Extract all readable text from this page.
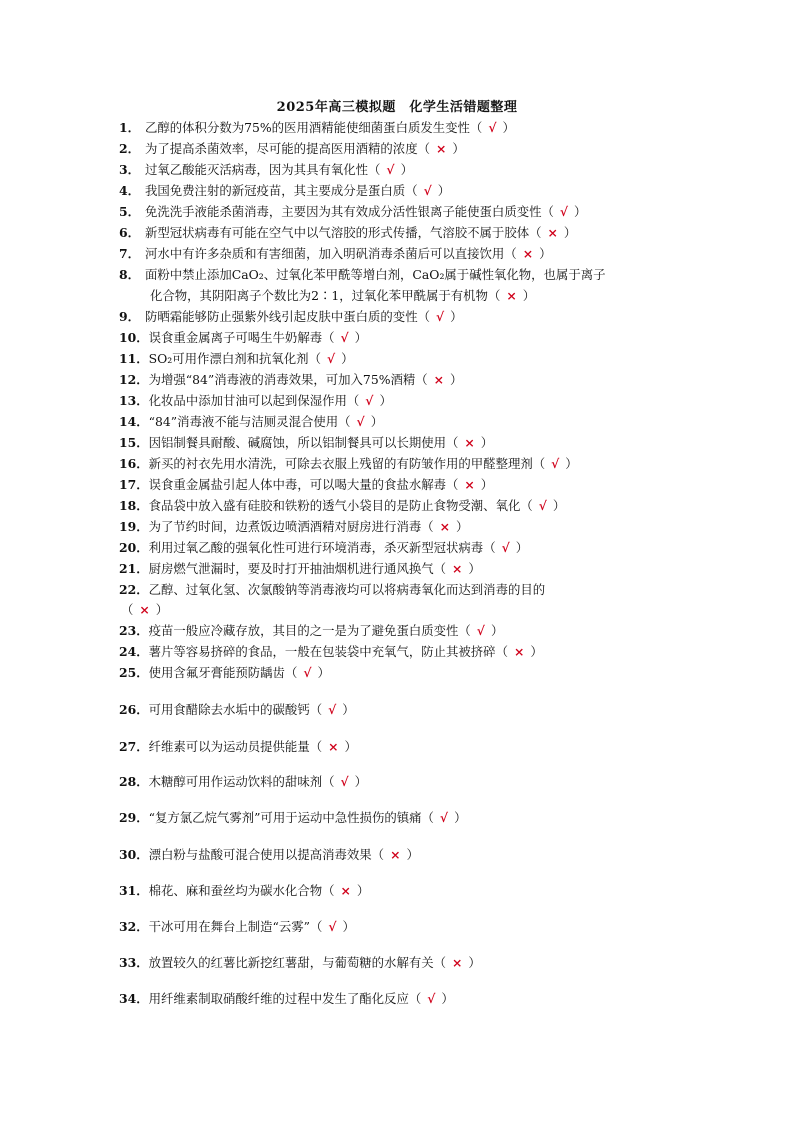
2025年高三模拟题　化学生活错题整理
1． 乙醇的体积分数为75%的医用酒精能使细菌蛋白质发生变性（ √ ）
2． 为了提高杀菌效率，尽可能的提高医用酒精的浓度（ × ）
3． 过氧乙酸能灭活病毒，因为其具有氧化性（ √ ）
4． 我国免费注射的新冠疫苗，其主要成分是蛋白质（ √ ）
5． 免洗洗手液能杀菌消毒，主要因为其有效成分活性银离子能使蛋白质变性（ √ ）
6． 新型冠状病毒有可能在空气中以气溶胶的形式传播，气溶胶不属于胶体（ × ）
7． 河水中有许多杂质和有害细菌，加入明矾消毒杀菌后可以直接饮用（ × ）
8． 面粉中禁止添加CaO₂、过氧化苯甲酰等增白剂，CaO₂属于碱性氧化物，也属于离子
化合物，其阴阳离子个数比为2∶1，过氧化苯甲酰属于有机物（ × ）
9． 防晒霜能够防止强紫外线引起皮肤中蛋白质的变性（ √ ）
10．误食重金属离子可喝生牛奶解毒（ √ ）
11．SO₂可用作漂白剂和抗氧化剂（ √ ）
12．为增强“84”消毒液的消毒效果，可加入75%酒精（ × ）
13．化妆品中添加甘油可以起到保湿作用（ √ ）
14．“84”消毒液不能与洁厕灵混合使用（ √ ）
15．因铝制餐具耐酸、碱腐蚀，所以铝制餐具可以长期使用（ × ）
16．新买的衬衣先用水清洗，可除去衣服上残留的有防皱作用的甲醛整理剂（ √ ）
17．误食重金属盐引起人体中毒，可以喝大量的食盐水解毒（ × ）
18．食品袋中放入盛有硅胶和铁粉的透气小袋目的是防止食物受潮、氧化（ √ ）
19．为了节约时间，边煮饭边喷洒酒精对厨房进行消毒（ × ）
20．利用过氧乙酸的强氧化性可进行环境消毒，杀灭新型冠状病毒（ √ ）
21．厨房燃气泄漏时，要及时打开抽油烟机进行通风换气（ × ）
22．乙醇、过氧化氢、次氯酸钠等消毒液均可以将病毒氧化而达到消毒的目的
（ × ）
23．疫苗一般应冷藏存放，其目的之一是为了避免蛋白质变性（ √ ）
24．薯片等容易挤碎的食品，一般在包装袋中充氧气，防止其被挤碎（ × ）
25．使用含氟牙膏能预防龋齿（ √ ）
26．可用食醋除去水垢中的碳酸钙（ √ ）
27．纤维素可以为运动员提供能量（ × ）
28．木糖醇可用作运动饮料的甜味剂（ √ ）
29．“复方氯乙烷气雾剂”可用于运动中急性损伤的镇痛（ √ ）
30．漂白粉与盐酸可混合使用以提高消毒效果（ × ）
31．棉花、麻和蚕丝均为碳水化合物（ × ）
32．干冰可用在舞台上制造“云雾”（ √ ）
33．放置较久的红薯比新挖红薯甜，与葡萄糖的水解有关（ × ）
34．用纤维素制取硝酸纤维的过程中发生了酯化反应（ √ ）
